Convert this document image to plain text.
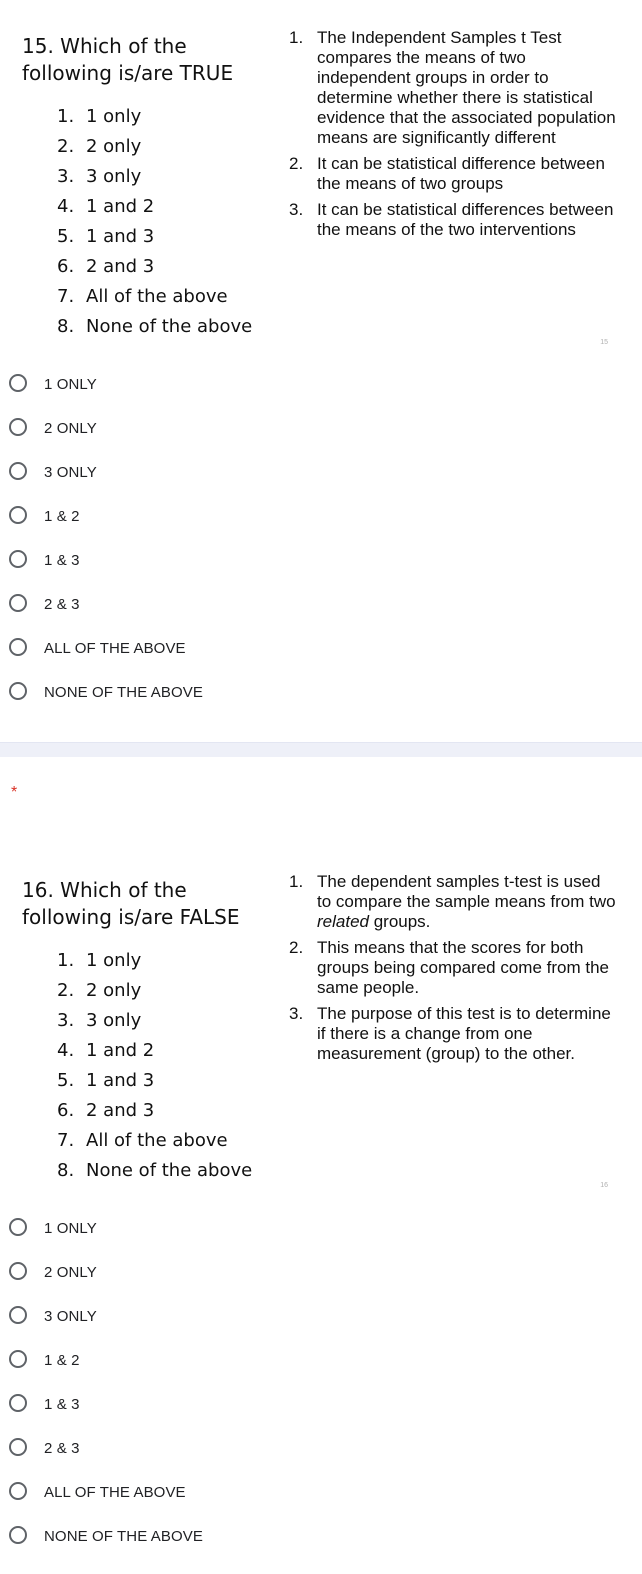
15. Which of the following is/are TRUE
1. 1 only
2. 2 only
3. 3 only
4. 1 and 2
5. 1 and 3
6. 2 and 3
7. All of the above
8. None of the above
1. The Independent Samples t Test compares the means of two independent groups in order to determine whether there is statistical evidence that the associated population means are significantly different
2. It can be statistical difference between the means of two groups
3. It can be statistical differences between the means of the two interventions
15
1 ONLY
2 ONLY
3 ONLY
1 & 2
1 & 3
2 & 3
ALL OF THE ABOVE
NONE OF THE ABOVE
*
16. Which of the following is/are FALSE
1. 1 only
2. 2 only
3. 3 only
4. 1 and 2
5. 1 and 3
6. 2 and 3
7. All of the above
8. None of the above
1. The dependent samples t-test is used to compare the sample means from two related groups.
2. This means that the scores for both groups being compared come from the same people.
3. The purpose of this test is to determine if there is a change from one measurement (group) to the other.
16
1 ONLY
2 ONLY
3 ONLY
1 & 2
1 & 3
2 & 3
ALL OF THE ABOVE
NONE OF THE ABOVE
